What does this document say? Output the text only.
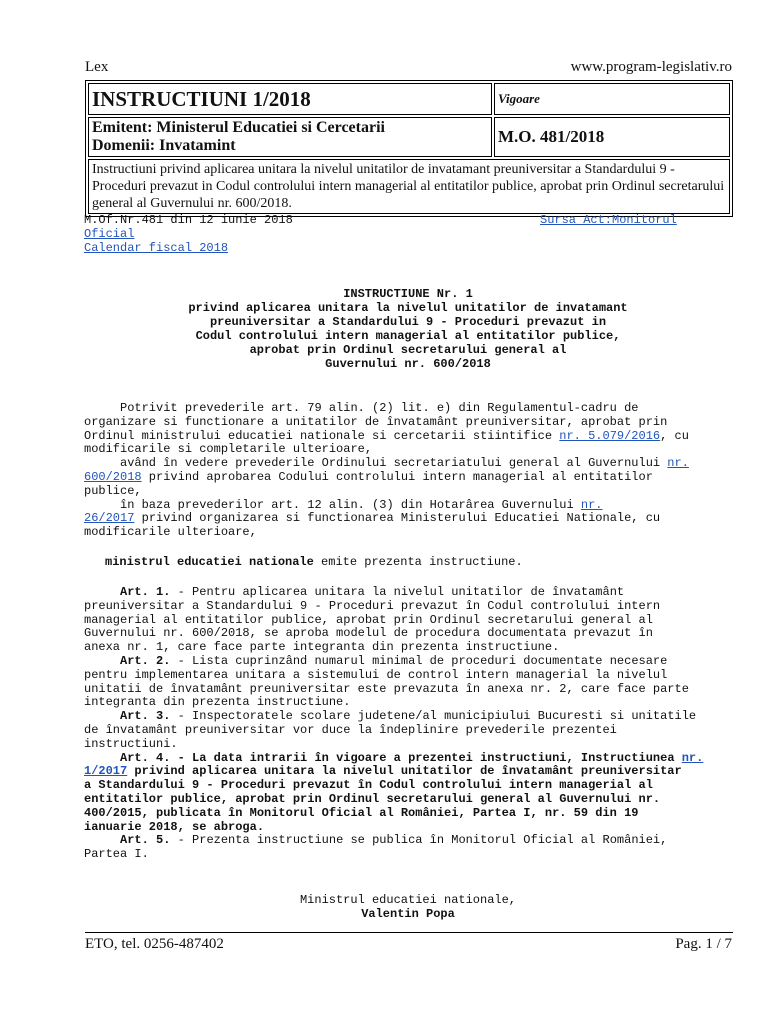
Lex	www.program-legislativ.ro
INSTRUCTIUNI 1/2018	Vigoare

Emitent: Ministerul Educatiei si Cercetarii
Domenii: Invatamint	M.O. 481/2018
Instructiuni privind aplicarea unitara la nivelul unitatilor de invatamant preuniversitar a Standardului 9 - Proceduri prevazut in Codul controlului intern managerial al entitatilor publice, aprobat prin Ordinul secretarului general al Guvernului nr. 600/2018.	
M.Of.Nr.481 din 12 iunie 2018	Sursa Act:Monitorul
Oficial
Calendar fiscal 2018
INSTRUCTIUNE Nr. 1
privind aplicarea unitara la nivelul unitatilor de invatamant
preuniversitar a Standardului 9 - Proceduri prevazut in
Codul controlului intern managerial al entitatilor publice,
aprobat prin Ordinul secretarului general al
Guvernului nr. 600/2018
Potrivit prevederile art. 79 alin. (2) lit. e) din Regulamentul-cadru de
organizare si functionare a unitatilor de învatamânt preuniversitar, aprobat prin
Ordinul ministrului educatiei nationale si cercetarii stiintifice nr. 5.079/2016, cu
modificarile si completarile ulterioare,
având în vedere prevederile Ordinului secretariatului general al Guvernului nr.
600/2018 privind aprobarea Codului controlului intern managerial al entitatilor
publice,
în baza prevederilor art. 12 alin. (3) din Hotarârea Guvernului nr.
26/2017 privind organizarea si functionarea Ministerului Educatiei Nationale, cu
modificarile ulterioare,
ministrul educatiei nationale emite prezenta instructiune.
Art. 1. - Pentru aplicarea unitara la nivelul unitatilor de învatamânt
preuniversitar a Standardului 9 - Proceduri prevazut în Codul controlului intern
managerial al entitatilor publice, aprobat prin Ordinul secretarului general al
Guvernului nr. 600/2018, se aproba modelul de procedura documentata prevazut în
anexa nr. 1, care face parte integranta din prezenta instructiune.
Art. 2. - Lista cuprinzând numarul minimal de proceduri documentate necesare
pentru implementarea unitara a sistemului de control intern managerial la nivelul
unitatii de învatamânt preuniversitar este prevazuta în anexa nr. 2, care face parte
integranta din prezenta instructiune.
Art. 3. - Inspectoratele scolare judetene/al municipiului Bucuresti si unitatile
de învatamânt preuniversitar vor duce la îndeplinire prevederile prezentei
instructiuni.
Art. 4. - La data intrarii în vigoare a prezentei instructiuni, Instructiunea nr.
1/2017 privind aplicarea unitara la nivelul unitatilor de învatamânt preuniversitar
a Standardului 9 - Proceduri prevazut în Codul controlului intern managerial al
entitatilor publice, aprobat prin Ordinul secretarului general al Guvernului nr.
400/2015, publicata în Monitorul Oficial al României, Partea I, nr. 59 din 19
ianuarie 2018, se abroga.
Art. 5. - Prezenta instructiune se publica în Monitorul Oficial al României,
Partea I.
Ministrul educatiei nationale,
Valentin Popa
ETO, tel. 0256-487402	Pag. 1 / 7
